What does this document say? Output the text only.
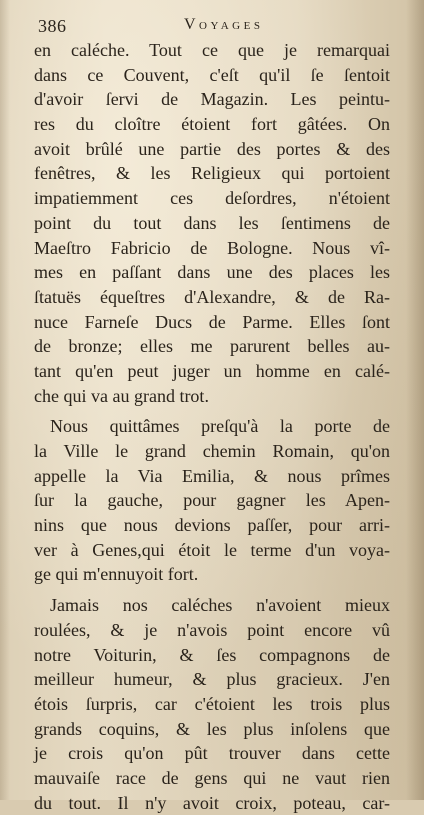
386	Voyages
en caléche. Tout ce que je remarquai
dans ce Couvent, c'eſt qu'il ſe ſentoit
d'avoir ſervi de Magazin. Les peintu-
res du cloître étoient fort gâtées. On
avoit brûlé une partie des portes & des
fenêtres, & les Religieux qui portoient
impatiemment ces deſordres, n'étoient
point du tout dans les ſentimens de
Maeſtro Fabricio de Bologne. Nous vî-
mes en paſſant dans une des places les
ſtatuës équeſtres d'Alexandre, & de Ra-
nuce Farneſe Ducs de Parme. Elles ſont
de bronze; elles me parurent belles au-
tant qu'en peut juger un homme en calé-
che qui va au grand trot.
Nous quittâmes preſqu'à la porte de
la Ville le grand chemin Romain, qu'on
appelle la Via Emilia, & nous prîmes
ſur la gauche, pour gagner les Apen-
nins que nous devions paſſer, pour arri-
ver à Genes,qui étoit le terme d'un voya-
ge qui m'ennuyoit fort.
Jamais nos caléches n'avoient mieux
roulées, & je n'avois point encore vû
notre Voiturin, & ſes compagnons de
meilleur humeur, & plus gracieux. J'en
étois ſurpris, car c'étoient les trois plus
grands coquins, & les plus inſolens que
je crois qu'on pût trouver dans cette
mauvaiſe race de gens qui ne vaut rien
du tout. Il n'y avoit croix, poteau, car-
